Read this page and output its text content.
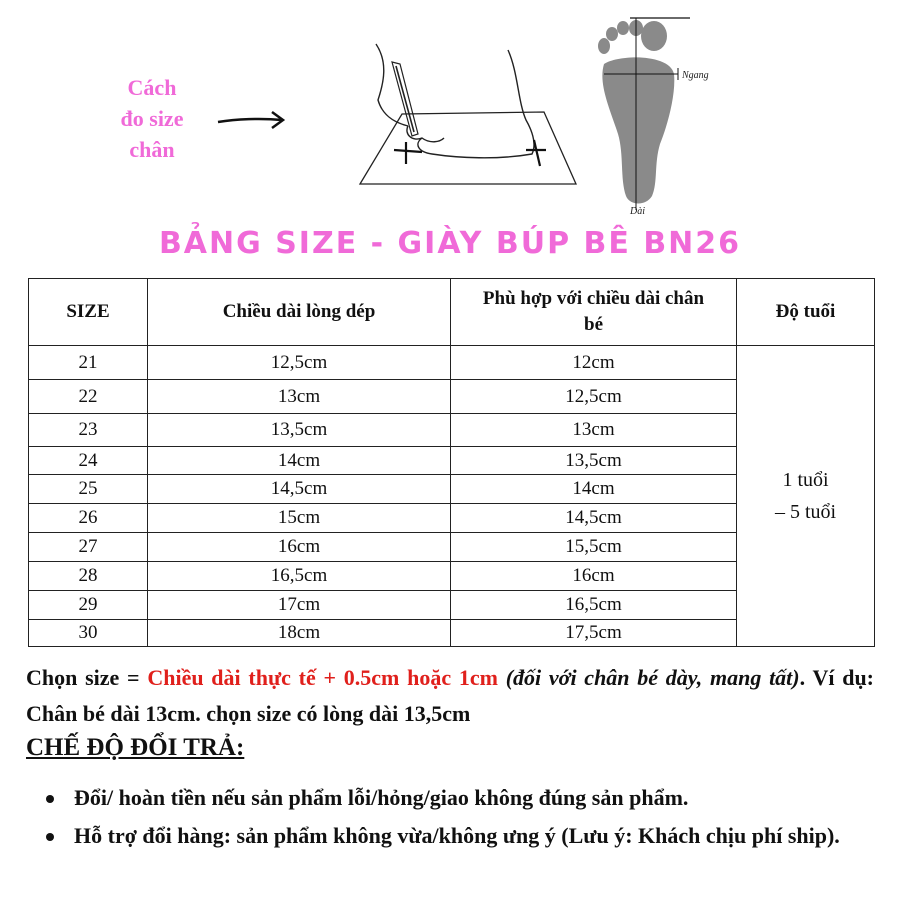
Cách
đo size
chân
Ngang
Dài
BẢNG SIZE - GIÀY BÚP BÊ BN26
SIZE	Chiều dài lòng dép	Phù hợp với chiều dài chân bé	Độ tuổi
21	12,5cm	12cm	1 tuổi
– 5 tuổi

22	13cm	12,5cm	
23	13,5cm	13cm	
24	14cm	13,5cm	
25	14,5cm	14cm	
26	15cm	14,5cm	
27	16cm	15,5cm	
28	16,5cm	16cm	
29	17cm	16,5cm	
30	18cm	17,5cm	
Chọn size = Chiều dài thực tế + 0.5cm hoặc 1cm (đối với chân bé dày, mang tất). Ví dụ: Chân bé dài 13cm. chọn size có lòng dài 13,5cm
CHẾ ĐỘ ĐỔI TRẢ:
Đổi/ hoàn tiền nếu sản phẩm lỗi/hỏng/giao không đúng sản phẩm.
Hỗ trợ đổi hàng: sản phẩm không vừa/không ưng ý (Lưu ý: Khách chịu phí ship).
